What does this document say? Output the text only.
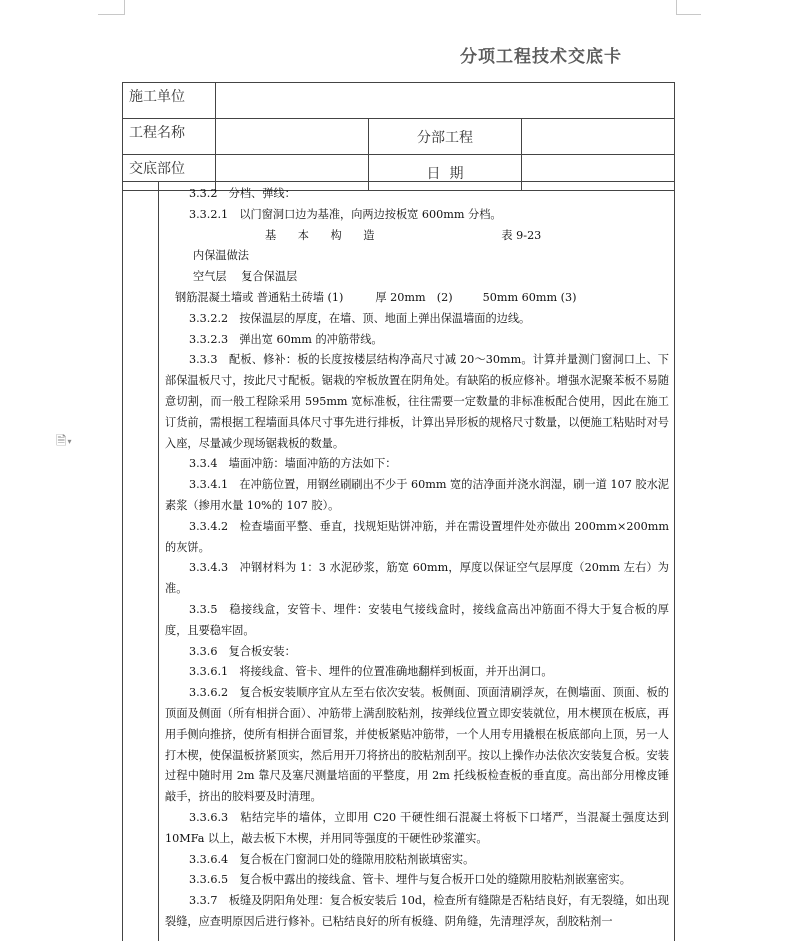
🗎▾
分项工程技术交底卡
施工单位			
工程名称		分部工程	
交底部位		日  期	

3.3.2　分档、弹线：

3.3.2.1　以门窗洞口边为基准，向两边按板宽 600mm 分档。

基 本 构 造	表 9-23

内保温做法

空气层　 复合保温层

钢筋混凝土墙或 普通粘土砖墙 (1)	厚 20mm　(2)	50mm 60mm (3)

3.3.2.2　按保温层的厚度，在墙、顶、地面上弹出保温墙面的边线。

3.3.2.3　弹出宽 60mm 的冲筋带线。

3.3.3　配板、修补：板的长度按楼层结构净高尺寸减 20～30mm。计算并量测门窗洞口上、下部保温板尺寸，按此尺寸配板。锯栽的窄板放置在阴角处。有缺陷的板应修补。增强水泥聚苯板不易随意切割，而一般工程除采用 595mm 宽标准板，往往需要一定数量的非标准板配合使用，因此在施工订货前，需根据工程墙面具体尺寸事先进行排板，计算出异形板的规格尺寸数量，以便施工粘贴时对号入座，尽量减少现场锯栽板的数量。

3.3.4　墙面冲筋：墙面冲筋的方法如下：

3.3.4.1　在冲筋位置，用钢丝刷刷出不少于 60mm 宽的洁净面并浇水润湿，刷一道 107 胶水泥素浆（掺用水量 10%的 107 胶）。

3.3.4.2　检查墙面平整、垂直，找规矩贴饼冲筋，并在需设置埋件处亦做出 200mm×200mm 的灰饼。

3.3.4.3　冲钢材料为 1：3 水泥砂浆，筋宽 60mm，厚度以保证空气层厚度（20mm 左右）为准。

3.3.5　稳接线盒，安管卡、埋件：安装电气接线盒时，接线盒高出冲筋面不得大于复合板的厚度，且要稳牢固。

3.3.6　复合板安装：

3.3.6.1　将接线盒、管卡、埋件的位置准确地翻样到板面，并开出洞口。

3.3.6.2　复合板安装顺序宜从左至右依次安装。板侧面、顶面清刷浮灰，在侧墙面、顶面、板的顶面及侧面（所有相拼合面）、冲筋带上满刮胶粘剂，按弹线位置立即安装就位，用木楔顶在板底，再用手侧向推挤，使所有相拼合面冒浆，并使板紧贴冲筋带，一个人用专用撬根在板底部向上顶，另一人打木楔，使保温板挤紧顶实，然后用开刀将挤出的胶粘剂刮平。按以上操作办法依次安装复合板。安装过程中随时用 2m 靠尺及塞尺测量培面的平整度，用 2m 托线板检查板的垂直度。高出部分用橡皮锤敲手，挤出的胶料要及时清理。

3.3.6.3　粘结完毕的墙体，立即用 C20 干硬性细石混凝土将板下口堵严，当混凝土强度达到 10MFa 以上，敲去板下木楔，并用同等强度的干硬性砂浆灌实。

3.3.6.4　复合板在门窗洞口处的缝隙用胶粘剂嵌填密实。

3.3.6.5　复合板中露出的接线盒、管卡、埋件与复合板开口处的缝隙用胶粘剂嵌塞密实。

3.3.7　板缝及阴阳角处理：复合板安装后 10d，检查所有缝隙是否粘结良好，有无裂缝，如出现裂缝，应查明原因后进行修补。已粘结良好的所有板缝、阴角缝，先清理浮灰，刮胶粘剂一
